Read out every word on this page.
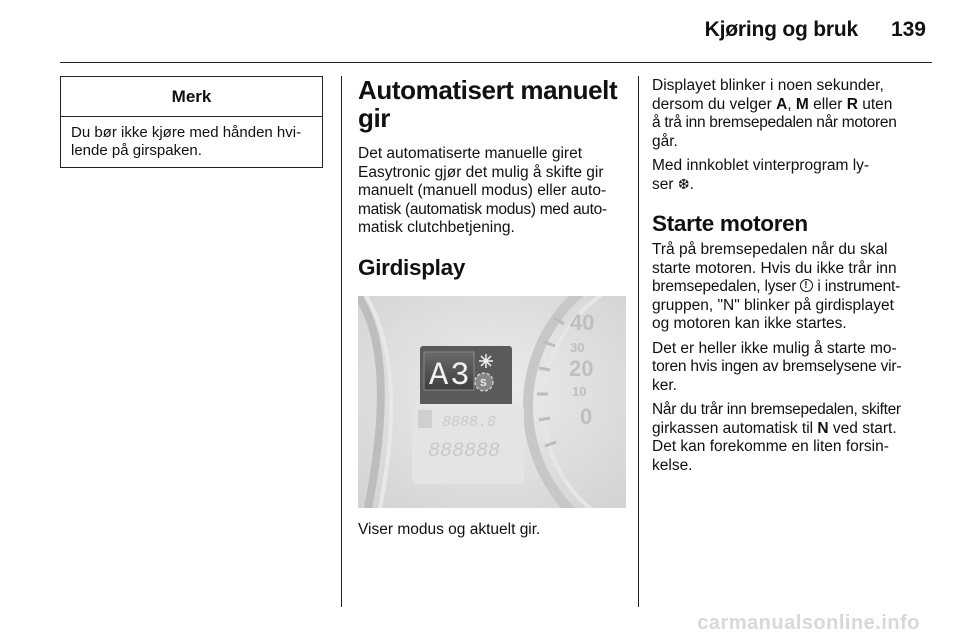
Kjøring og bruk	139
Merk
Du bør ikke kjøre med hånden hvi-
lende på girspaken.
Automatisert manuelt
gir

Det automatiserte manuelle giret
Easytronic gjør det mulig å skifte gir
manuelt (manuell modus) eller auto-
matisk (automatisk modus) med auto-
matisk clutchbetjening.

Girdisplay
40
30
20
10
0
A3 S
8888.8
888888

Viser modus og aktuelt gir.

Displayet blinker i noen sekunder,
dersom du velger A, M eller R uten
å trå inn bremsepedalen når motoren
går.

Med innkoblet vinterprogram ly-
ser ❆.

Starte motoren

Trå på bremsepedalen når du skal
starte motoren. Hvis du ikke trår inn
bremsepedalen, lyser ! i instrument-
gruppen, "N" blinker på girdisplayet
og motoren kan ikke startes.

Det er heller ikke mulig å starte mo-
toren hvis ingen av bremselysene vir-
ker.

Når du trår inn bremsepedalen, skifter
girkassen automatisk til N ved start.
Det kan forekomme en liten forsin-
kelse.

carmanualsonline.info
